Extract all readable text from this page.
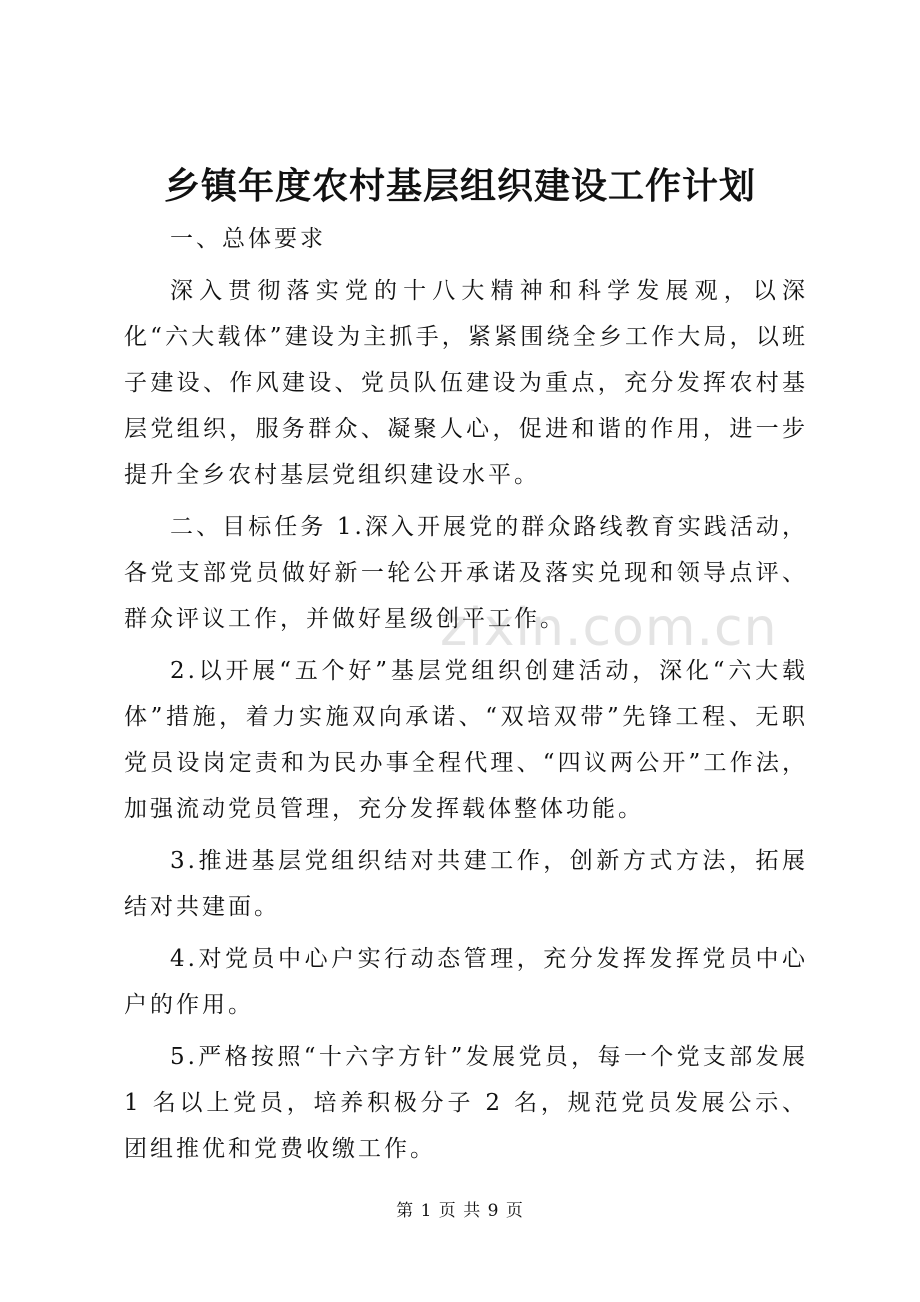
zixin.com.cn
乡镇年度农村基层组织建设工作计划

一、总体要求

深入贯彻落实党的十八大精神和科学发展观，以深化“六大载体”建设为主抓手，紧紧围绕全乡工作大局，以班子建设、作风建设、党员队伍建设为重点，充分发挥农村基层党组织，服务群众、凝聚人心，促进和谐的作用，进一步提升全乡农村基层党组织建设水平。

二、目标任务 1.深入开展党的群众路线教育实践活动，各党支部党员做好新一轮公开承诺及落实兑现和领导点评、群众评议工作，并做好星级创平工作。

2.以开展“五个好”基层党组织创建活动，深化“六大载体”措施，着力实施双向承诺、“双培双带”先锋工程、无职党员设岗定责和为民办事全程代理、“四议两公开”工作法，加强流动党员管理，充分发挥载体整体功能。

3.推进基层党组织结对共建工作，创新方式方法，拓展结对共建面。

4.对党员中心户实行动态管理，充分发挥发挥党员中心户的作用。

5.严格按照“十六字方针”发展党员，每一个党支部发展 1 名以上党员，培养积极分子 2 名，规范党员发展公示、团组推优和党费收缴工作。

第 1 页 共 9 页
